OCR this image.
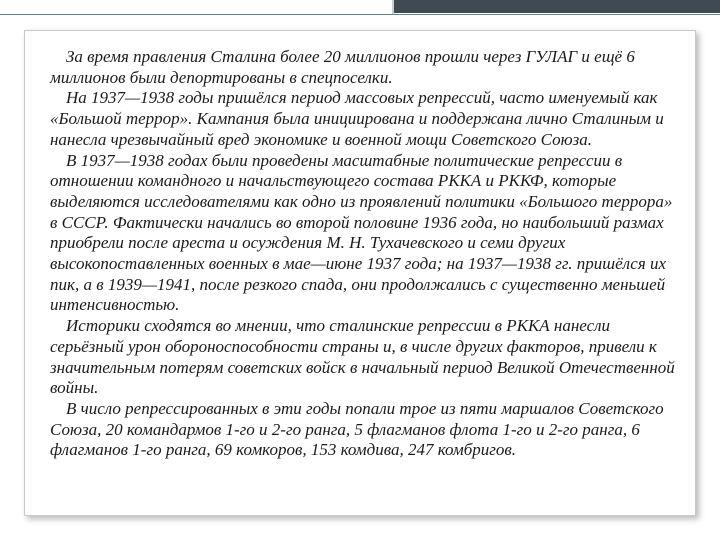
За время правления Сталина более 20 миллионов прошли через ГУЛАГ и ещё 6 миллионов были депортированы в спецпоселки.

На 1937—1938 годы пришёлся период массовых репрессий, часто именуемый как «Большой террор». Кампания была инициирована и поддержана лично Сталиным и нанесла чрезвычайный вред экономике и военной мощи Советского Союза.

В 1937—1938 годах были проведены масштабные политические репрессии в отношении командного и начальствующего состава РККА и РККФ, которые выделяются исследователями как одно из проявлений политики «Большого террора» в СССР. Фактически начались во второй половине 1936 года, но наибольший размах приобрели после ареста и осуждения М. Н. Тухачевского и семи других высокопоставленных военных в мае—июне 1937 года; на 1937—1938 гг. пришёлся их пик, а в 1939—1941, после резкого спада, они продолжались с существенно меньшей интенсивностью.

Историки сходятся во мнении, что сталинские репрессии в РККА нанесли серьёзный урон обороноспособности страны и, в числе других факторов, привели к значительным потерям советских войск в начальный период Великой Отечественной войны.

В число репрессированных в эти годы попали трое из пяти маршалов Советского Союза, 20 командармов 1-го и 2-го ранга, 5 флагманов флота 1-го и 2-го ранга, 6 флагманов 1-го ранга, 69 комкоров, 153 комдива, 247 комбригов.
